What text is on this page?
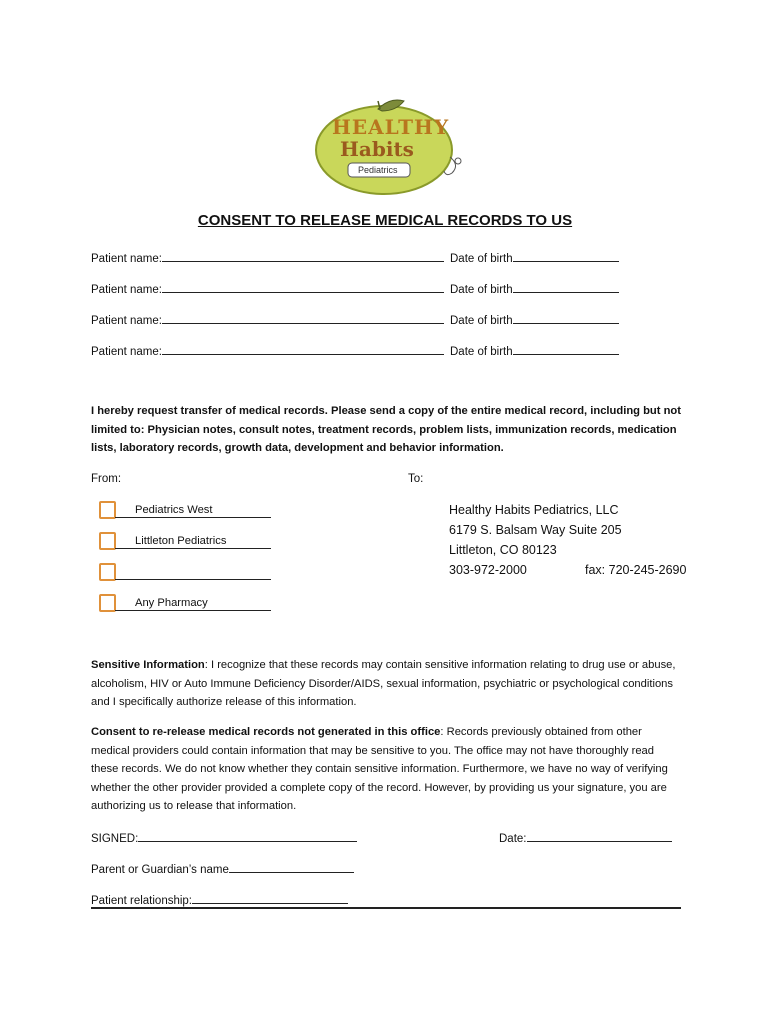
HEALTHY
Habits
Pediatrics
CONSENT TO RELEASE MEDICAL RECORDS TO US
Patient name:	Date of birth
Patient name:	Date of birth
Patient name:	Date of birth
Patient name:	Date of birth
I hereby request transfer of medical records. Please send a copy of the entire medical record, including but not limited to: Physician notes, consult notes, treatment records, problem lists, immunization records, medication lists, laboratory records, growth data, development and behavior information.
From:	To:
Pediatrics West
Littleton Pediatrics
Any Pharmacy
Healthy Habits Pediatrics, LLC
6179 S. Balsam Way Suite 205
Littleton, CO 80123
303-972-2000	fax: 720-245-2690
Sensitive Information: I recognize that these records may contain sensitive information relating to drug use or abuse, alcoholism, HIV or Auto Immune Deficiency Disorder/AIDS, sexual information, psychiatric or psychological conditions and I specifically authorize release of this information.
Consent to re-release medical records not generated in this office: Records previously obtained from other medical providers could contain information that may be sensitive to you. The office may not have thoroughly read these records. We do not know whether they contain sensitive information. Furthermore, we have no way of verifying whether the other provider provided a complete copy of the record. However, by providing us your signature, you are authorizing us to release that information.
SIGNED:	Date:
Parent or Guardian’s name
Patient relationship:
